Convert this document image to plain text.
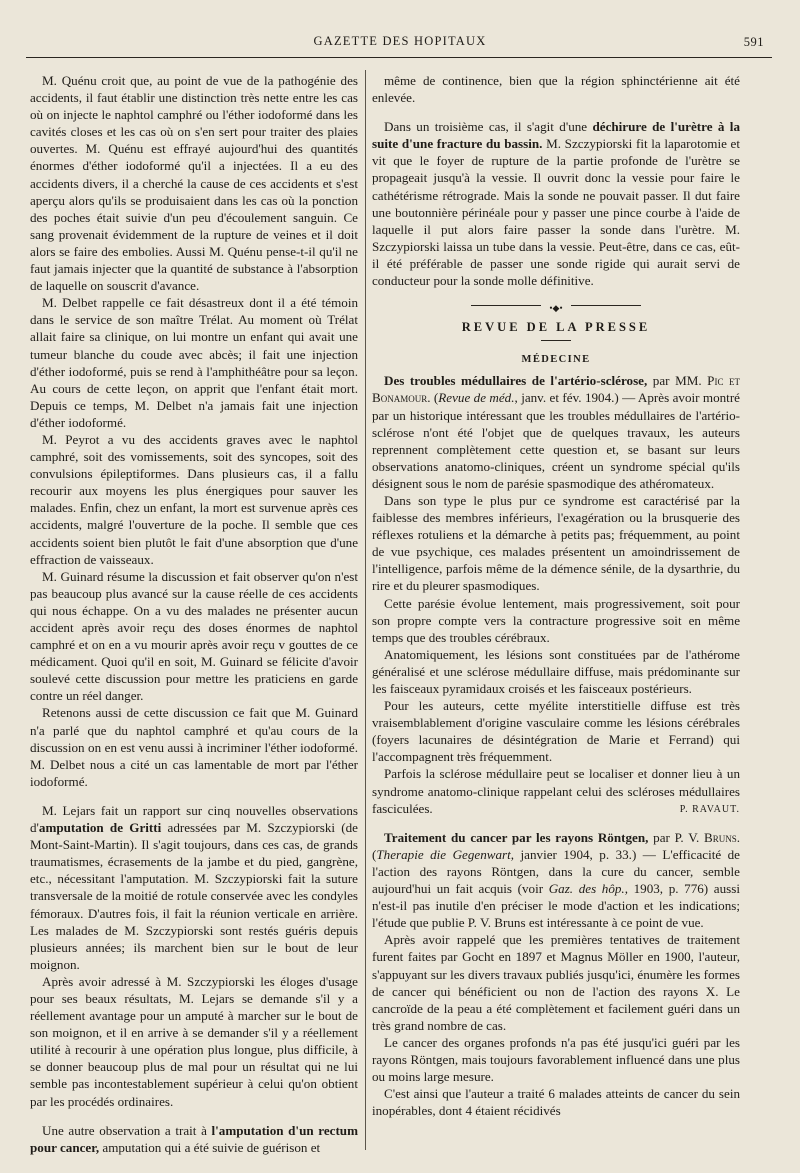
GAZETTE DES HOPITAUX	591

M. Quénu croit que, au point de vue de la pathogénie des accidents, il faut établir une distinction très nette entre les cas où on injecte le naphtol camphré ou l'éther iodoformé dans les cavités closes et les cas où on s'en sert pour traiter des plaies ouvertes. M. Quénu est effrayé aujourd'hui des quantités énormes d'éther iodoformé qu'il a injectées. Il a eu des accidents divers, il a cherché la cause de ces accidents et s'est aperçu alors qu'ils se produisaient dans les cas où la ponction des poches était suivie d'un peu d'écoulement sanguin. Ce sang provenait évidemment de la rupture de veines et il doit alors se faire des embolies. Aussi M. Quénu pense-t-il qu'il ne faut jamais injecter que la quantité de substance à l'absorption de laquelle on souscrit d'avance.

M. Delbet rappelle ce fait désastreux dont il a été témoin dans le service de son maître Trélat. Au moment où Trélat allait faire sa clinique, on lui montre un enfant qui avait une tumeur blanche du coude avec abcès; il fait une injection d'éther iodoformé, puis se rend à l'amphithéâtre pour sa leçon. Au cours de cette leçon, on apprit que l'enfant était mort. Depuis ce temps, M. Delbet n'a jamais fait une injection d'éther iodoformé.

M. Peyrot a vu des accidents graves avec le naphtol camphré, soit des vomissements, soit des syncopes, soit des convulsions épileptiformes. Dans plusieurs cas, il a fallu recourir aux moyens les plus énergiques pour sauver les malades. Enfin, chez un enfant, la mort est survenue après ces accidents, malgré l'ouverture de la poche. Il semble que ces accidents soient bien plutôt le fait d'une absorption que d'une effraction de vaisseaux.

M. Guinard résume la discussion et fait observer qu'on n'est pas beaucoup plus avancé sur la cause réelle de ces accidents qui nous échappe. On a vu des malades ne présenter aucun accident après avoir reçu des doses énormes de naphtol camphré et on en a vu mourir après avoir reçu v gouttes de ce médicament. Quoi qu'il en soit, M. Guinard se félicite d'avoir soulevé cette discussion pour mettre les praticiens en garde contre un réel danger.

Retenons aussi de cette discussion ce fait que M. Guinard n'a parlé que du naphtol camphré et qu'au cours de la discussion on en est venu aussi à incriminer l'éther iodoformé. M. Delbet nous a cité un cas lamentable de mort par l'éther iodoformé.

M. Lejars fait un rapport sur cinq nouvelles observations d'amputation de Gritti adressées par M. Szczypiorski (de Mont-Saint-Martin). Il s'agit toujours, dans ces cas, de grands traumatismes, écrasements de la jambe et du pied, gangrène, etc., nécessitant l'amputation. M. Szczypiorski fait la suture transversale de la moitié de rotule conservée avec les condyles fémoraux. D'autres fois, il fait la réunion verticale en arrière. Les malades de M. Szczypiorski sont restés guéris depuis plusieurs années; ils marchent bien sur le bout de leur moignon.

Après avoir adressé à M. Szczypiorski les éloges d'usage pour ses beaux résultats, M. Lejars se demande s'il y a réellement avantage pour un amputé à marcher sur le bout de son moignon, et il en arrive à se demander s'il y a réellement utilité à recourir à une opération plus longue, plus difficile, à se donner beaucoup plus de mal pour un résultat qui ne lui semble pas incontestablement supérieur à celui qu'on obtient par les procédés ordinaires.

Une autre observation a trait à l'amputation d'un rectum pour cancer, amputation qui a été suivie de guérison et

même de continence, bien que la région sphinctérienne ait été enlevée.

Dans un troisième cas, il s'agit d'une déchirure de l'urètre à la suite d'une fracture du bassin. M. Szczypiorski fit la laparotomie et vit que le foyer de rupture de la partie profonde de l'urètre se propageait jusqu'à la vessie. Il ouvrit donc la vessie pour faire le cathétérisme rétrograde. Mais la sonde ne pouvait passer. Il dut faire une boutonnière périnéale pour y passer une pince courbe à l'aide de laquelle il put alors faire passer la sonde dans l'urètre. M. Szczypiorski laissa un tube dans la vessie. Peut-être, dans ce cas, eût-il été préférable de passer une sonde rigide qui aurait servi de conducteur pour la sonde molle définitive.

•◆•

REVUE DE LA PRESSE

MÉDECINE

Des troubles médullaires de l'artério-sclérose, par MM. Pic et Bonamour. (Revue de méd., janv. et fév. 1904.) — Après avoir montré par un historique intéressant que les troubles médullaires de l'artério-sclérose n'ont été l'objet que de quelques travaux, les auteurs reprennent complètement cette question et, se basant sur leurs observations anatomo-cliniques, créent un syndrome spécial qu'ils désignent sous le nom de parésie spasmodique des athéromateux.

Dans son type le plus pur ce syndrome est caractérisé par la faiblesse des membres inférieurs, l'exagération ou la brusquerie des réflexes rotuliens et la démarche à petits pas; fréquemment, au point de vue psychique, ces malades présentent un amoindrissement de l'intelligence, parfois même de la démence sénile, de la dysarthrie, du rire et du pleurer spasmodiques.

Cette parésie évolue lentement, mais progressivement, soit pour son propre compte vers la contracture progressive soit en même temps que des troubles cérébraux.

Anatomiquement, les lésions sont constituées par de l'athérome généralisé et une sclérose médullaire diffuse, mais prédominante sur les faisceaux pyramidaux croisés et les faisceaux postérieurs.

Pour les auteurs, cette myélite interstitielle diffuse est très vraisemblablement d'origine vasculaire comme les lésions cérébrales (foyers lacunaires de désintégration de Marie et Ferrand) qui l'accompagnent très fréquemment.

Parfois la sclérose médullaire peut se localiser et donner lieu à un syndrome anatomo-clinique rappelant celui des scléroses médullaires fasciculées.	P. RAVAUT.

Traitement du cancer par les rayons Röntgen, par P. V. Bruns. (Therapie die Gegenwart, janvier 1904, p. 33.) — L'efficacité de l'action des rayons Röntgen, dans la cure du cancer, semble aujourd'hui un fait acquis (voir Gaz. des hôp., 1903, p. 776) aussi n'est-il pas inutile d'en préciser le mode d'action et les indications; l'étude que publie P. V. Bruns est intéressante à ce point de vue.

Après avoir rappelé que les premières tentatives de traitement furent faites par Gocht en 1897 et Magnus Möller en 1900, l'auteur, s'appuyant sur les divers travaux publiés jusqu'ici, énumère les formes de cancer qui bénéficient ou non de l'action des rayons X. Le cancroïde de la peau a été complètement et facilement guéri dans un très grand nombre de cas.

Le cancer des organes profonds n'a pas été jusqu'ici guéri par les rayons Röntgen, mais toujours favorablement influencé dans une plus ou moins large mesure.

C'est ainsi que l'auteur a traité 6 malades atteints de cancer du sein inopérables, dont 4 étaient récidivés
